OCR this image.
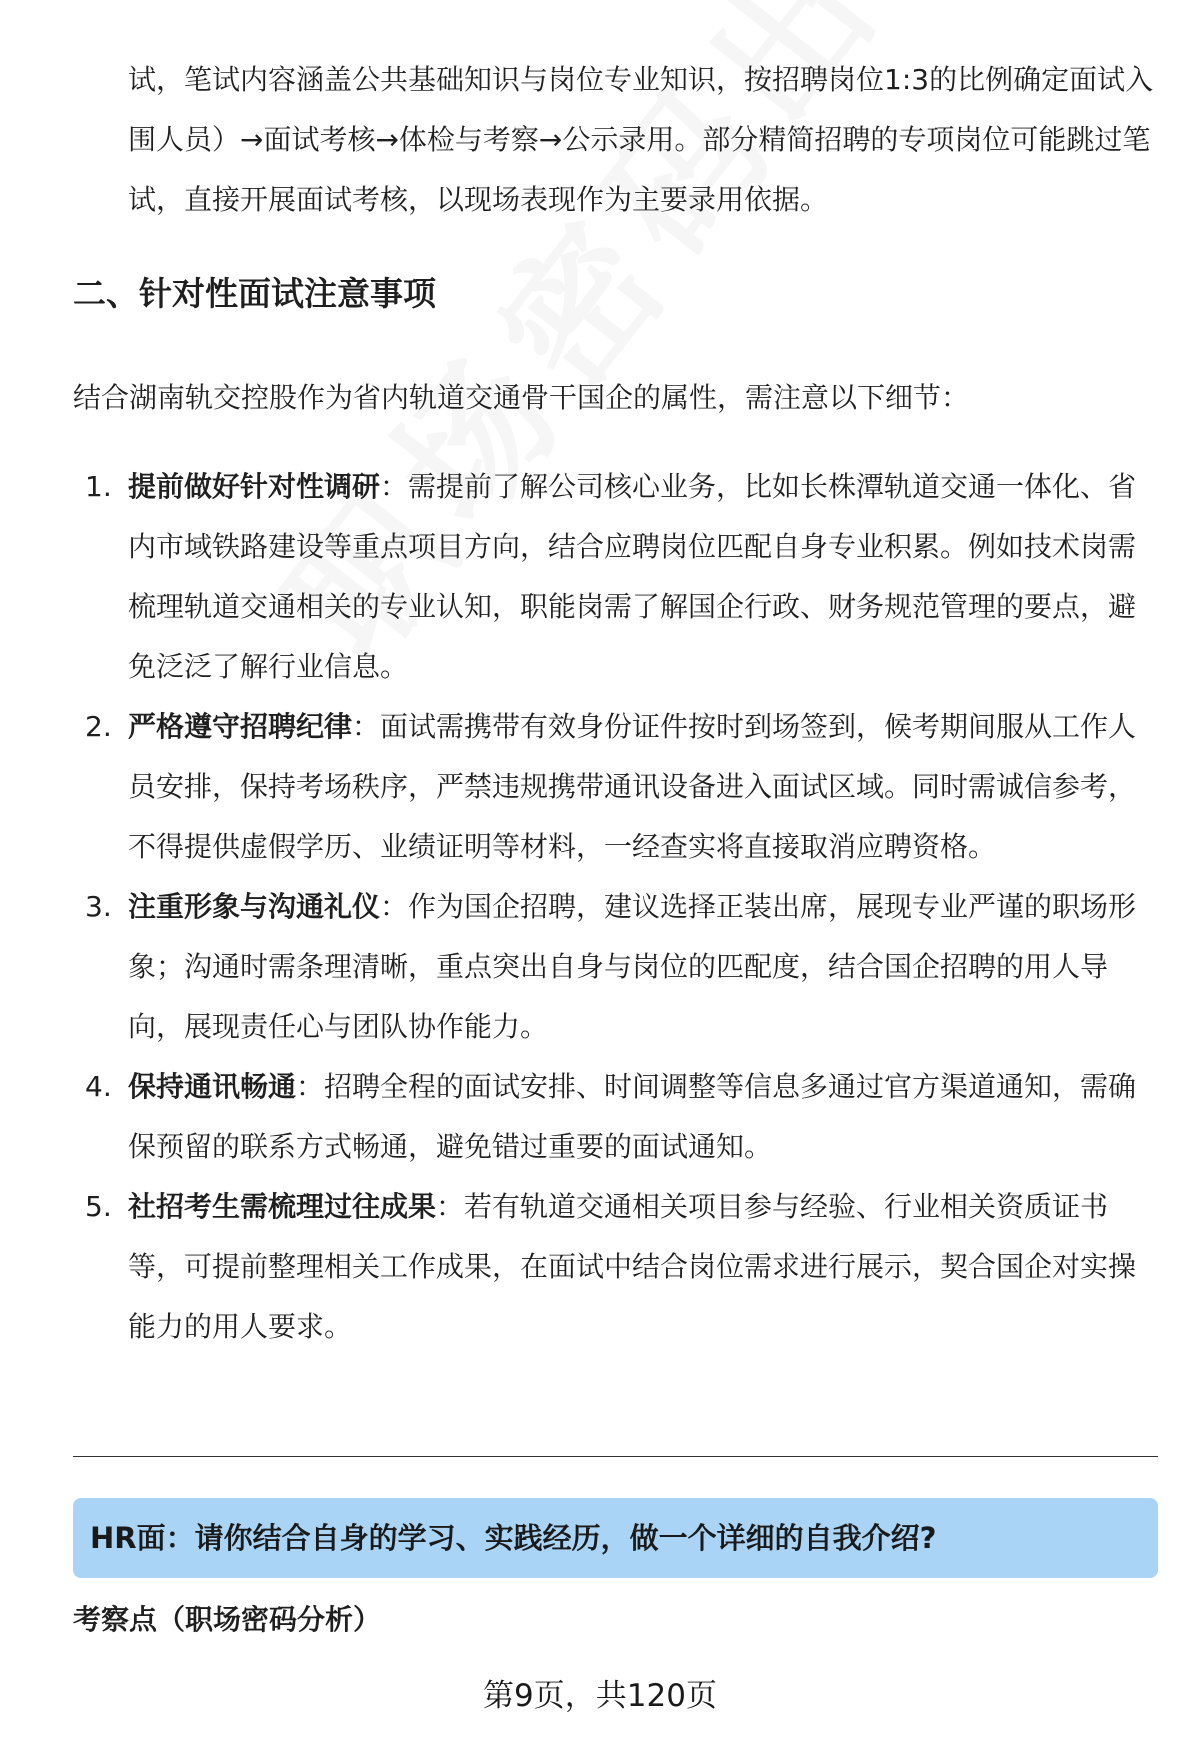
试，笔试内容涵盖公共基础知识与岗位专业知识，按招聘岗位1:3的比例确定面试入围人员）→面试考核→体检与考察→公示录用。部分精简招聘的专项岗位可能跳过笔试，直接开展面试考核，以现场表现作为主要录用依据。

二、针对性面试注意事项

结合湖南轨交控股作为省内轨道交通骨干国企的属性，需注意以下细节：

1. 提前做好针对性调研：需提前了解公司核心业务，比如长株潭轨道交通一体化、省内市域铁路建设等重点项目方向，结合应聘岗位匹配自身专业积累。例如技术岗需梳理轨道交通相关的专业认知，职能岗需了解国企行政、财务规范管理的要点，避免泛泛了解行业信息。
2. 严格遵守招聘纪律：面试需携带有效身份证件按时到场签到，候考期间服从工作人员安排，保持考场秩序，严禁违规携带通讯设备进入面试区域。同时需诚信参考，不得提供虚假学历、业绩证明等材料，一经查实将直接取消应聘资格。
3. 注重形象与沟通礼仪：作为国企招聘，建议选择正装出席，展现专业严谨的职场形象；沟通时需条理清晰，重点突出自身与岗位的匹配度，结合国企招聘的用人导向，展现责任心与团队协作能力。
4. 保持通讯畅通：招聘全程的面试安排、时间调整等信息多通过官方渠道通知，需确保预留的联系方式畅通，避免错过重要的面试通知。
5. 社招考生需梳理过往成果：若有轨道交通相关项目参与经验、行业相关资质证书等，可提前整理相关工作成果，在面试中结合岗位需求进行展示，契合国企对实操能力的用人要求。
HR面：请你结合自身的学习、实践经历，做一个详细的自我介绍?
考察点（职场密码分析）
第9页，共120页
